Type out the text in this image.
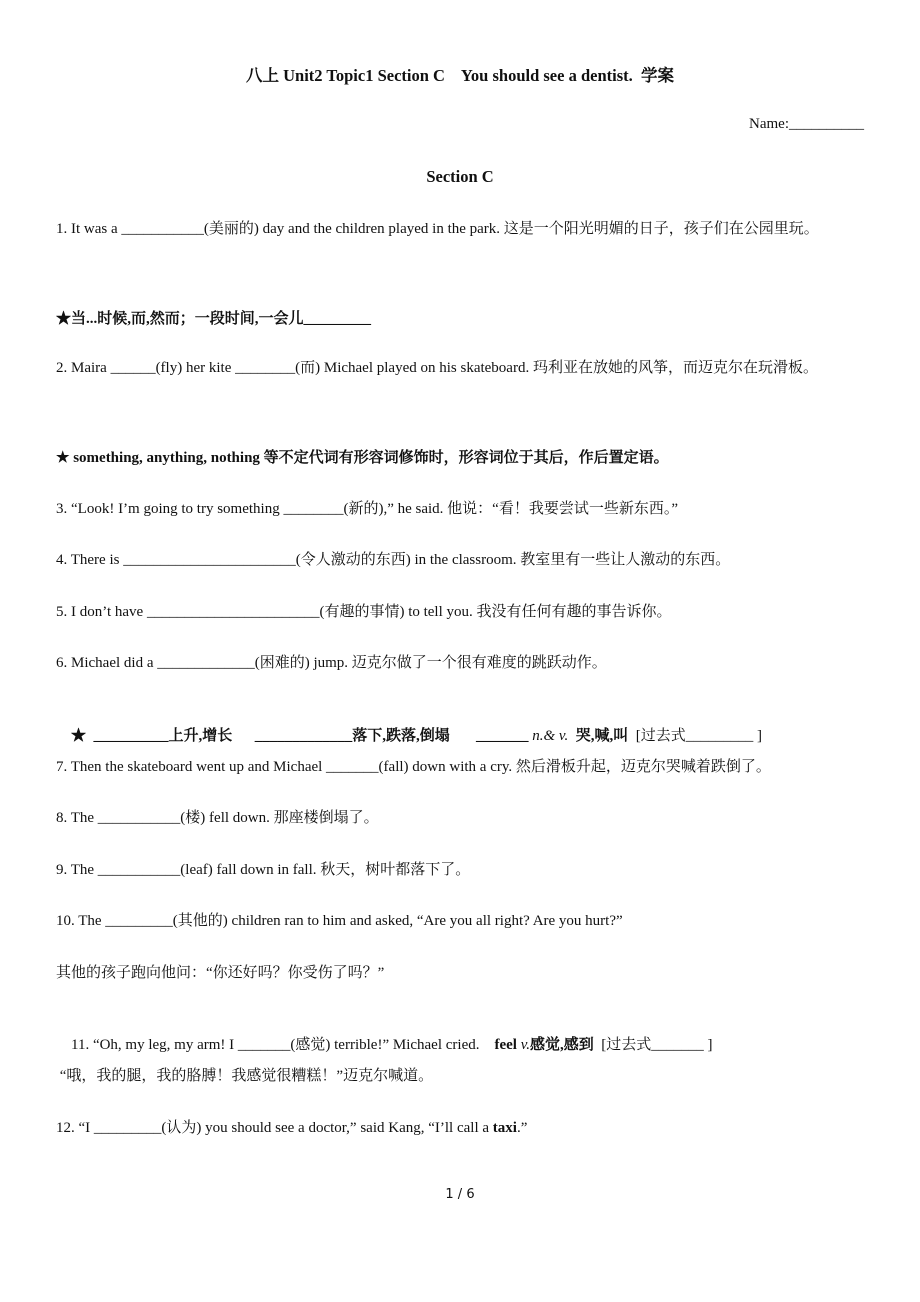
八上 Unit2 Topic1 Section C    You should see a dentist.  学案
Name:__________
Section C
1. It was a ___________(美丽的) day and the children played in the park. 这是一个阳光明媚的日子，孩子们在公园里玩。
★当...时候,而,然而；一段时间,一会儿_________
2. Maira ______(fly) her kite ________(而) Michael played on his skateboard. 玛利亚在放她的风筝，而迈克尔在玩滑板。
★ something, anything, nothing 等不定代词有形容词修饰时，形容词位于其后，作后置定语。
3. “Look! I’m going to try something ________(新的),” he said. 他说：“看！我要尝试一些新东西。”
4. There is _______________________(令人激动的东西) in the classroom. 教室里有一些让人激动的东西。
5. I don’t have _______________________(有趣的事情) to tell you. 我没有任何有趣的事告诉你。
6. Michael did a _____________(困难的) jump. 迈克尔做了一个很有难度的跳跃动作。

★  __________上升,增长      _____________落下,跌落,倒塌       _______ n.& v.  哭,喊,叫  [过去式_________ ]

7. Then the skateboard went up and Michael _______(fall) down with a cry. 然后滑板升起，迈克尔哭喊着跌倒了。
8. The ___________(楼) fell down. 那座楼倒塌了。
9. The ___________(leaf) fall down in fall. 秋天，树叶都落下了。
10. The _________(其他的) children ran to him and asked, “Are you all right? Are you hurt?”
其他的孩子跑向他问：“你还好吗？你受伤了吗？”

11. “Oh, my leg, my arm! I _______(感觉) terrible!” Michael cried.    feel v.感觉,感到  [过去式_______ ]

“哦，我的腿，我的胳膊！我感觉很糟糕！”迈克尔喊道。
12. “I _________(认为) you should see a doctor,” said Kang, “I’ll call a taxi.”
1 / 6
